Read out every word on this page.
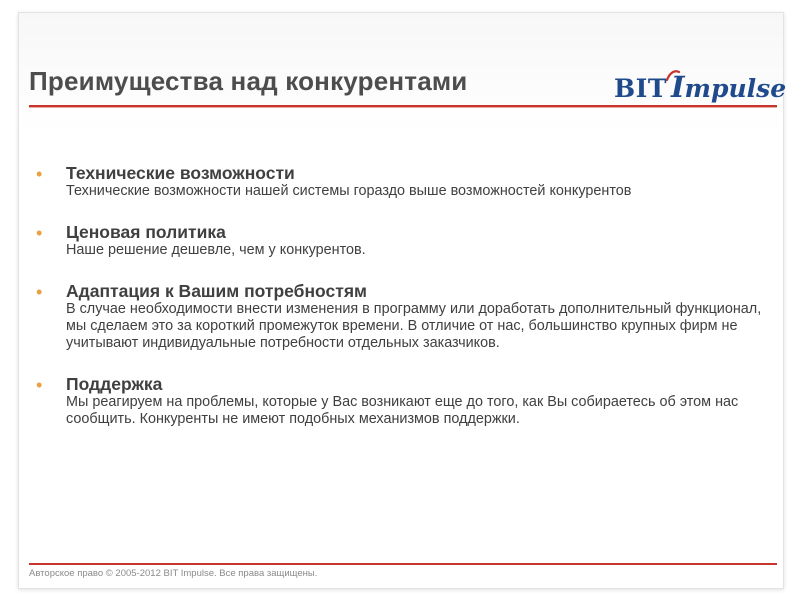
Преимущества над конкурентами	BIT Impulse
• Технические возможности
Технические возможности нашей системы гораздо выше возможностей конкурентов
• Ценовая политика
Наше решение дешевле, чем у конкурентов.
• Адаптация к Вашим потребностям
В случае необходимости внести изменения в программу или доработать дополнительный функционал, мы сделаем это за короткий промежуток времени. В отличие от нас, большинство крупных фирм не учитывают индивидуальные потребности отдельных заказчиков.
• Поддержка
Мы реагируем на проблемы, которые у Вас возникают еще до того, как Вы собираетесь об этом нас сообщить. Конкуренты не имеют подобных механизмов поддержки.
Авторское право © 2005-2012 BIT Impulse. Все права защищены.
